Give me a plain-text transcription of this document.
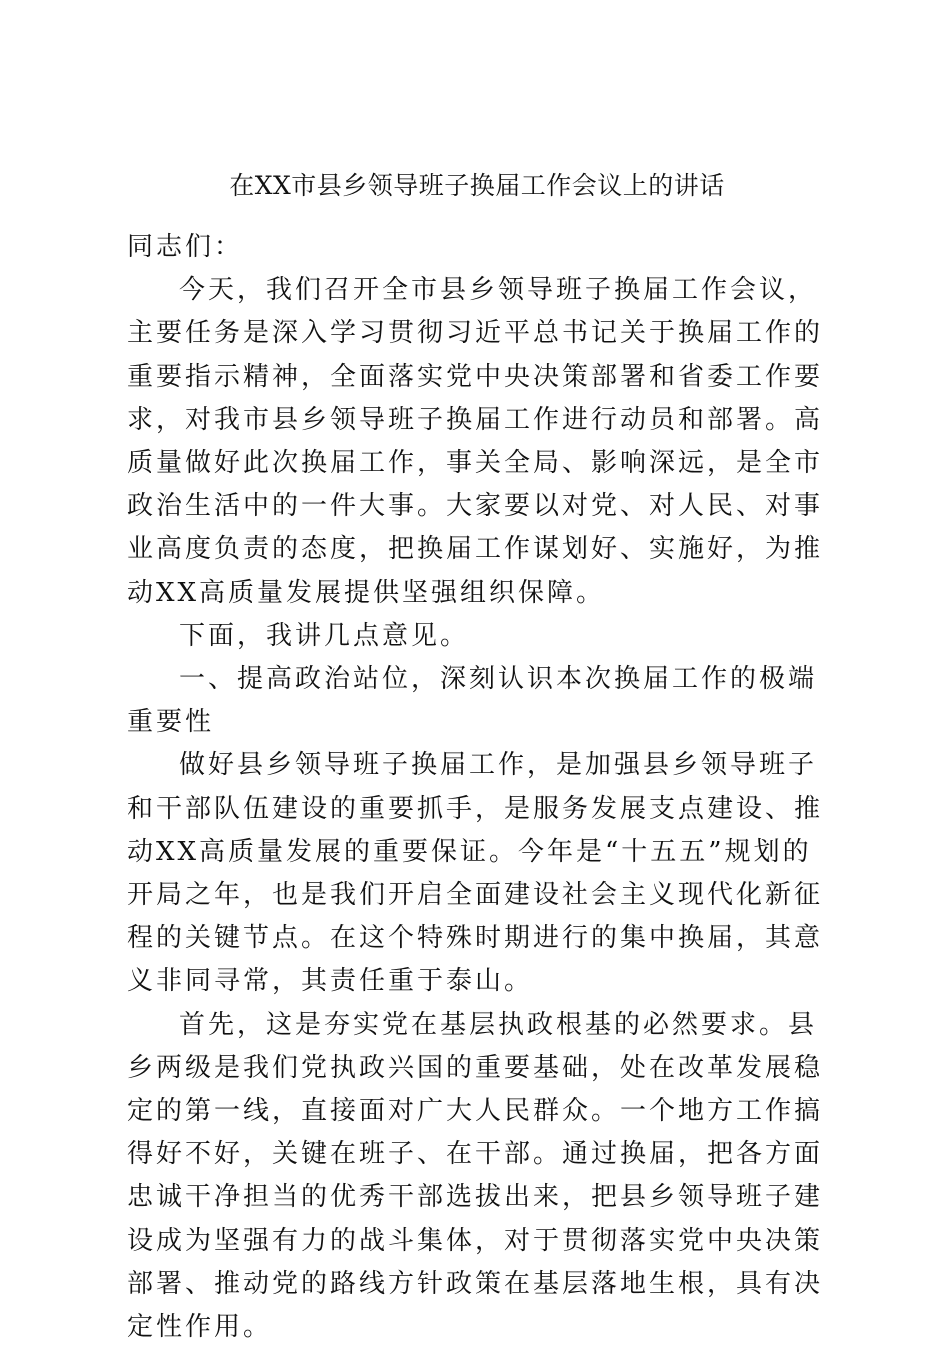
在XX市县乡领导班子换届工作会议上的讲话

同志们：

今天，我们召开全市县乡领导班子换届工作会议，主要任务是深入学习贯彻习近平总书记关于换届工作的重要指示精神，全面落实党中央决策部署和省委工作要求，对我市县乡领导班子换届工作进行动员和部署。高质量做好此次换届工作，事关全局、影响深远，是全市政治生活中的一件大事。大家要以对党、对人民、对事业高度负责的态度，把换届工作谋划好、实施好，为推动XX高质量发展提供坚强组织保障。

下面，我讲几点意见。

一、提高政治站位，深刻认识本次换届工作的极端重要性

做好县乡领导班子换届工作，是加强县乡领导班子和干部队伍建设的重要抓手，是服务发展支点建设、推动XX高质量发展的重要保证。今年是“十五五”规划的开局之年，也是我们开启全面建设社会主义现代化新征程的关键节点。在这个特殊时期进行的集中换届，其意义非同寻常，其责任重于泰山。

首先，这是夯实党在基层执政根基的必然要求。县乡两级是我们党执政兴国的重要基础，处在改革发展稳定的第一线，直接面对广大人民群众。一个地方工作搞得好不好，关键在班子、在干部。通过换届，把各方面忠诚干净担当的优秀干部选拔出来，把县乡领导班子建设成为坚强有力的战斗集体，对于贯彻落实党中央决策部署、推动党的路线方针政策在基层落地生根，具有决定性作用。
